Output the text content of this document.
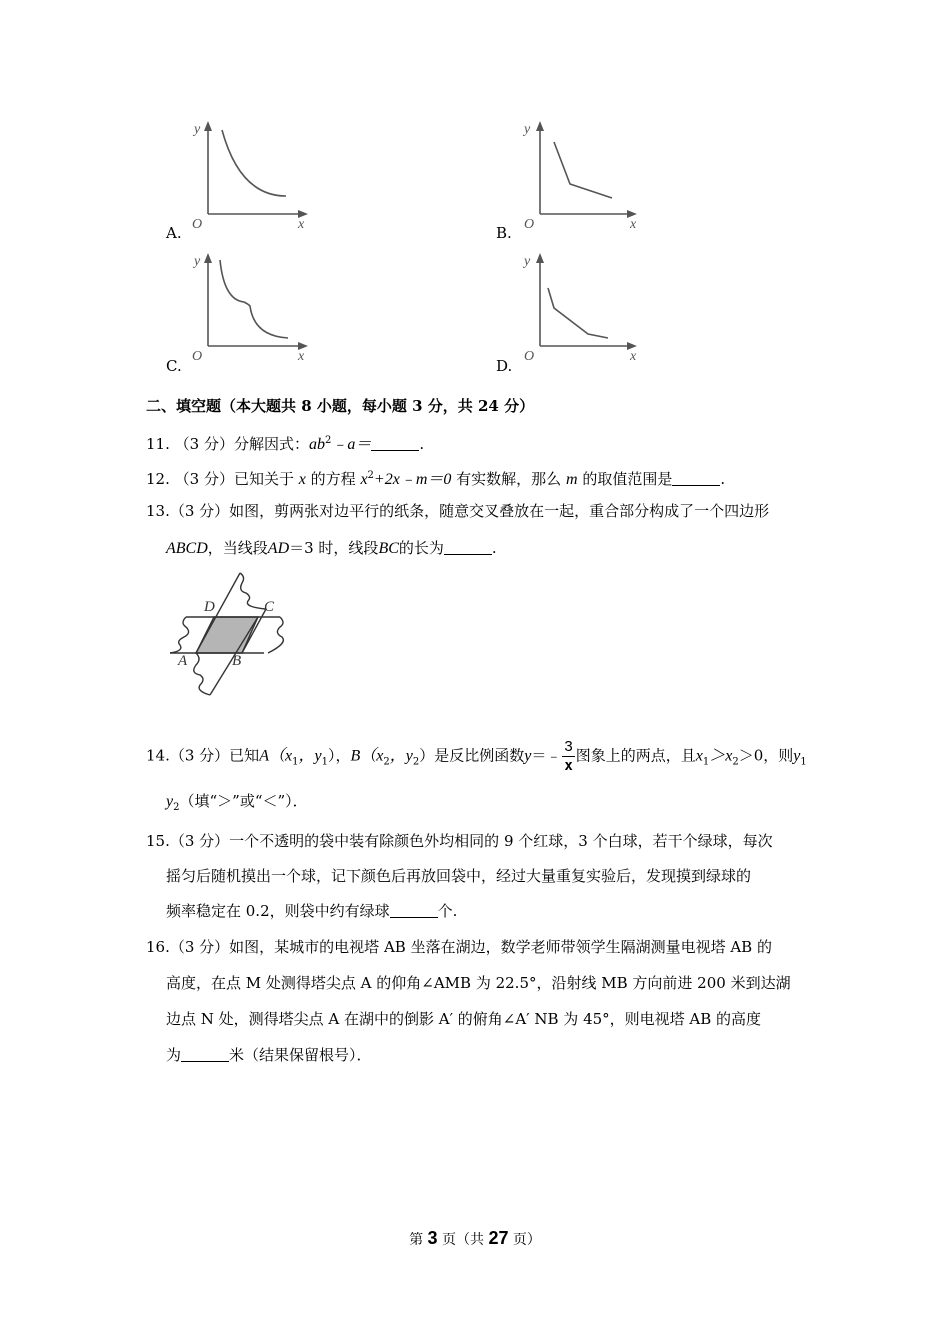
y
O	x
A.
y
O	x
B.
y
O	x
C.
y
O	x
D.
二、填空题（本大题共 8 小题，每小题 3 分，共 24 分）
11. （3 分）分解因式：$ab^2﹣a=$	.
12. （3 分）已知关于 x 的方程 $x^2+2x﹣m=0$ 有实数解，那么 m 的取值范围是	.
13.（3 分）如图，剪两张对边平行的纸条，随意交叉叠放在一起，重合部分构成了一个四边形
ABCD，当线段AD＝3 时，线段BC的长为	.
D	C
A	B
14.（3 分）已知$A(x_1$，$y_1$），$B(x_2$，$y_2$）是反比例函数y＝﹣ $\frac{3}{x}$ 图象上的两点，且$x_1>x_2>0$，则$y_1$
$y_2$（填“＞”或“＜”）．
15.（3 分）一个不透明的袋中装有除颜色外均相同的 9 个红球，3 个白球，若干个绿球，每次
摇匀后随机摸出一个球，记下颜色后再放回袋中，经过大量重复实验后，发现摸到绿球的
频率稳定在 0.2，则袋中约有绿球	个.
16.（3 分）如图，某城市的电视塔 AB 坐落在湖边，数学老师带领学生隔湖测量电视塔 AB 的
高度，在点 M 处测得塔尖点 A 的仰角∠AMB 为 22.5°，沿射线 MB 方向前进 200 米到达湖
边点 N 处，测得塔尖点 A 在湖中的倒影 A′ 的俯角∠A′ NB 为 45°，则电视塔 AB 的高度
为	米（结果保留根号）．
第 3 页（共 27 页）
